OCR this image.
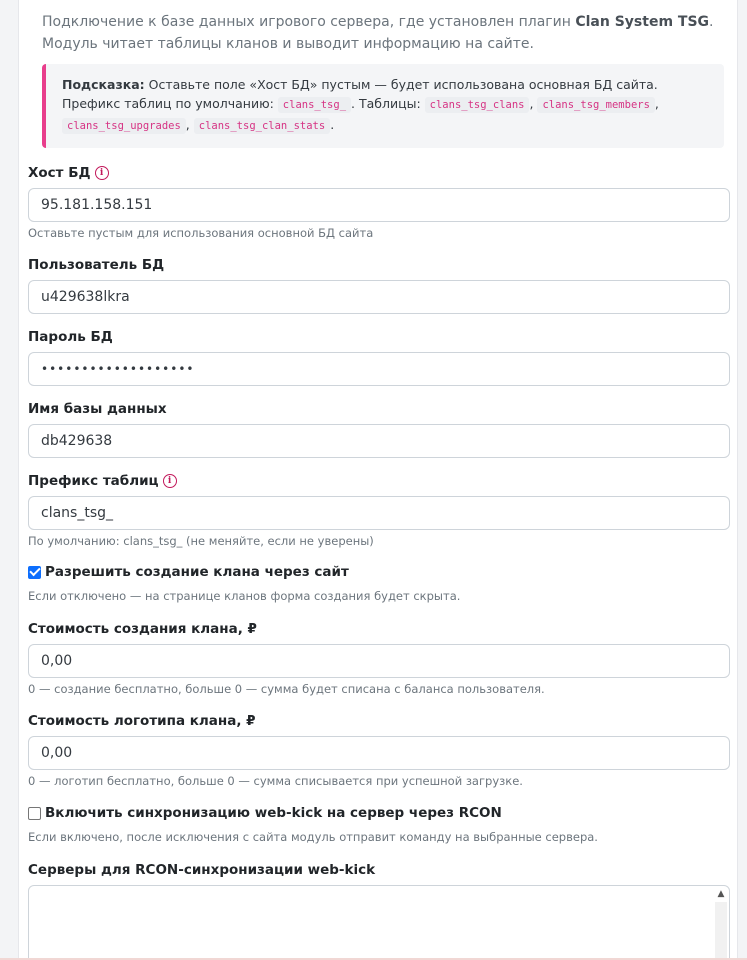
Подключение к базе данных игрового сервера, где установлен плагин Clan System TSG. Модуль читает таблицы кланов и выводит информацию на сайте.
Подсказка: Оставьте поле «Хост БД» пустым — будет использована основная БД сайта. Префикс таблиц по умолчанию: clans_tsg_ . Таблицы: clans_tsg_clans , clans_tsg_members , clans_tsg_upgrades , clans_tsg_clan_stats .
Хост БД	i
95.181.158.151
Оставьте пустым для использования основной БД сайта
Пользователь БД
u429638lkra
Пароль БД
•••••••••••••••••••
Имя базы данных
db429638
Префикс таблиц	i
clans_tsg_
По умолчанию: clans_tsg_ (не меняйте, если не уверены)
Разрешить создание клана через сайт
Если отключено — на странице кланов форма создания будет скрыта.
Стоимость создания клана, ₽
0,00
0 — создание бесплатно, больше 0 — сумма будет списана с баланса пользователя.
Стоимость логотипа клана, ₽
0,00
0 — логотип бесплатно, больше 0 — сумма списывается при успешной загрузке.
Включить синхронизацию web-kick на сервер через RCON
Если включено, после исключения с сайта модуль отправит команду на выбранные сервера.
Серверы для RCON-синхронизации web-kick
▲
